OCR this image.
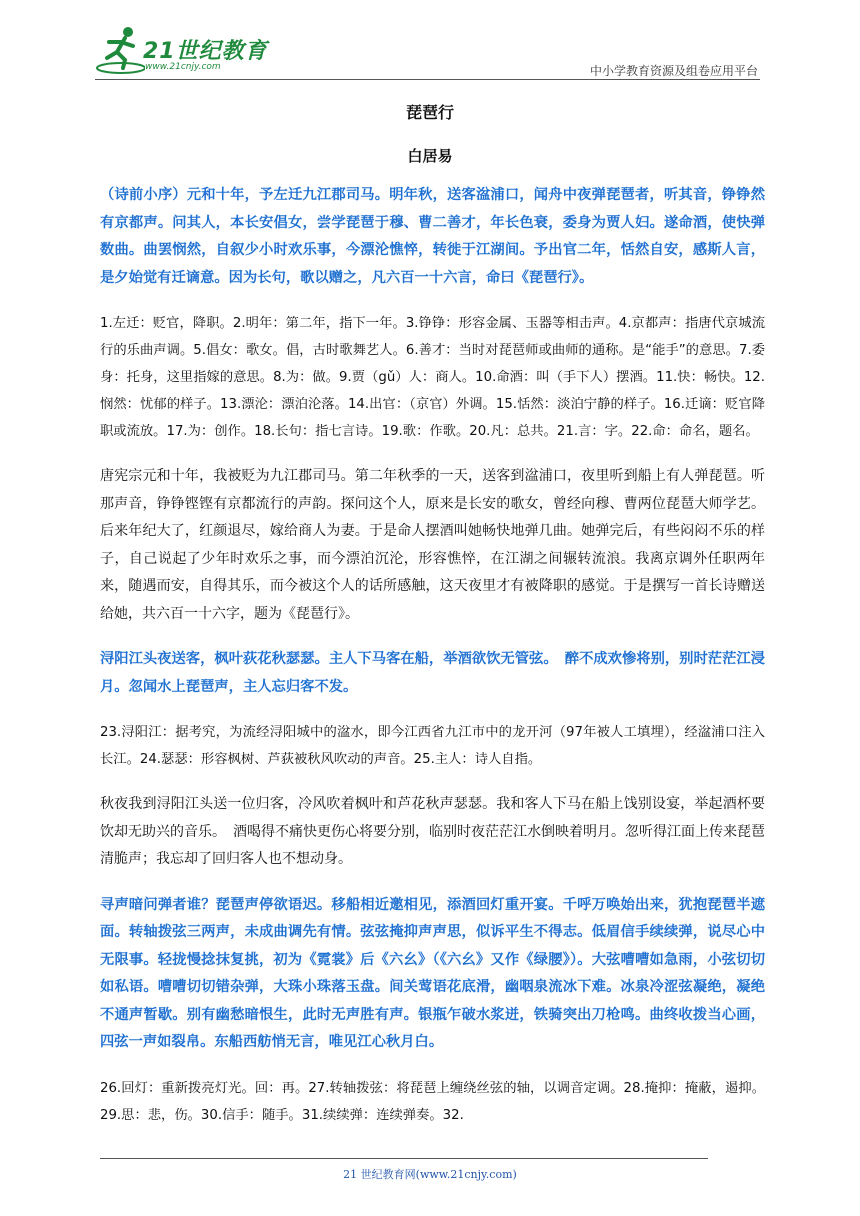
21世纪教育
www.21cnjy.com	中小学教育资源及组卷应用平台
琵琶行
白居易

（诗前小序）元和十年，予左迁九江郡司马。明年秋，送客湓浦口，闻舟中夜弹琵琶者，听其音，铮铮然有京都声。问其人，本长安倡女，尝学琵琶于穆、曹二善才，年长色衰，委身为贾人妇。遂命酒，使快弹数曲。曲罢悯然，自叙少小时欢乐事，今漂沦憔悴，转徙于江湖间。予出官二年，恬然自安，感斯人言，是夕始觉有迁谪意。因为长句，歌以赠之，凡六百一十六言，命曰《琵琶行》。

1.左迁：贬官，降职。2.明年：第二年，指下一年。3.铮铮：形容金属、玉器等相击声。4.京都声：指唐代京城流行的乐曲声调。5.倡女：歌女。倡，古时歌舞艺人。6.善才：当时对琵琶师或曲师的通称。是“能手”的意思。7.委身：托身，这里指嫁的意思。8.为：做。9.贾（gǔ）人：商人。10.命酒：叫（手下人）摆酒。11.快：畅快。12.悯然：忧郁的样子。13.漂沦：漂泊沦落。14.出官：（京官）外调。15.恬然：淡泊宁静的样子。16.迁谪：贬官降职或流放。17.为：创作。18.长句：指七言诗。19.歌：作歌。20.凡：总共。21.言：字。22.命：命名，题名。

唐宪宗元和十年，我被贬为九江郡司马。第二年秋季的一天，送客到湓浦口，夜里听到船上有人弹琵琶。听那声音，铮铮铿铿有京都流行的声韵。探问这个人，原来是长安的歌女，曾经向穆、曹两位琵琶大师学艺。后来年纪大了，红颜退尽，嫁给商人为妻。于是命人摆酒叫她畅快地弹几曲。她弹完后，有些闷闷不乐的样子，自己说起了少年时欢乐之事，而今漂泊沉沦，形容憔悴，在江湖之间辗转流浪。我离京调外任职两年来，随遇而安，自得其乐，而今被这个人的话所感触，这天夜里才有被降职的感觉。于是撰写一首长诗赠送给她，共六百一十六字，题为《琵琶行》。

浔阳江头夜送客，枫叶荻花秋瑟瑟。主人下马客在船，举酒欲饮无管弦。　醉不成欢惨将别，别时茫茫江浸月。忽闻水上琵琶声，主人忘归客不发。

23.浔阳江：据考究，为流经浔阳城中的湓水，即今江西省九江市中的龙开河（97年被人工填埋），经湓浦口注入长江。24.瑟瑟：形容枫树、芦荻被秋风吹动的声音。25.主人：诗人自指。

秋夜我到浔阳江头送一位归客，冷风吹着枫叶和芦花秋声瑟瑟。我和客人下马在船上饯别设宴，举起酒杯要饮却无助兴的音乐。　酒喝得不痛快更伤心将要分别，临别时夜茫茫江水倒映着明月。忽听得江面上传来琵琶清脆声；我忘却了回归客人也不想动身。

寻声暗问弹者谁？琵琶声停欲语迟。移船相近邀相见，添酒回灯重开宴。千呼万唤始出来，犹抱琵琶半遮面。转轴拨弦三两声，未成曲调先有情。弦弦掩抑声声思，似诉平生不得志。低眉信手续续弹，说尽心中无限事。轻拢慢捻抹复挑，初为《霓裳》后《六幺》（《六幺》又作《绿腰》）。大弦嘈嘈如急雨，小弦切切如私语。嘈嘈切切错杂弹，大珠小珠落玉盘。间关莺语花底滑，幽咽泉流冰下难。冰泉冷涩弦凝绝，凝绝不通声暂歇。别有幽愁暗恨生，此时无声胜有声。银瓶乍破水浆迸，铁骑突出刀枪鸣。曲终收拨当心画，四弦一声如裂帛。东船西舫悄无言，唯见江心秋月白。

26.回灯：重新拨亮灯光。回：再。27.转轴拨弦：将琵琶上缠绕丝弦的轴，以调音定调。28.掩抑：掩蔽，遏抑。29.思：悲，伤。30.信手：随手。31.续续弹：连续弹奏。32.

21 世纪教育网(www.21cnjy.com)
